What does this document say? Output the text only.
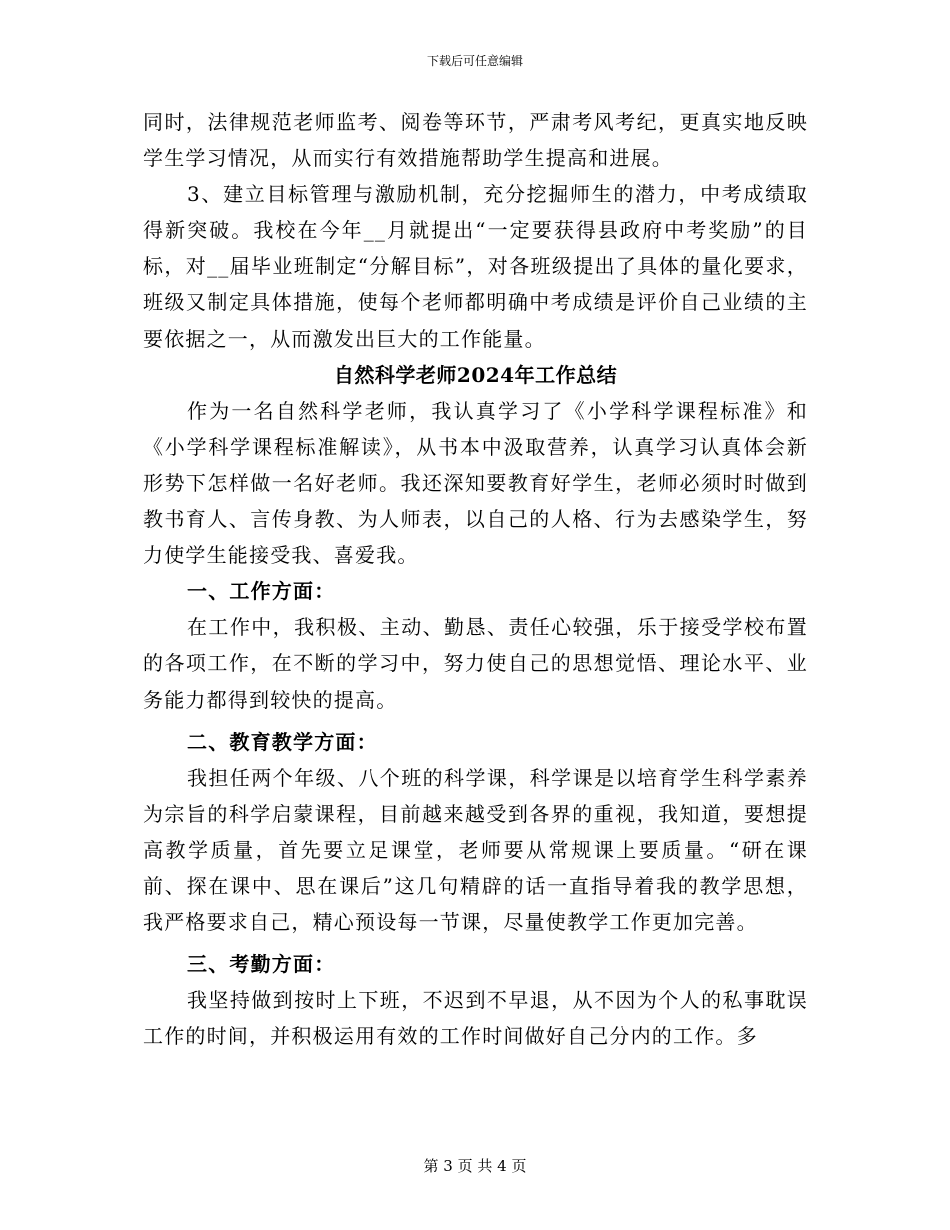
下载后可任意编辑

同时，法律规范老师监考、阅卷等环节，严肃考风考纪，更真实地反映学生学习情况，从而实行有效措施帮助学生提高和进展。

3、建立目标管理与激励机制，充分挖掘师生的潜力，中考成绩取得新突破。我校在今年__月就提出“一定要获得县政府中考奖励”的目标，对__届毕业班制定“分解目标”，对各班级提出了具体的量化要求，班级又制定具体措施，使每个老师都明确中考成绩是评价自己业绩的主要依据之一，从而激发出巨大的工作能量。

自然科学老师2024年工作总结

作为一名自然科学老师，我认真学习了《小学科学课程标准》和《小学科学课程标准解读》，从书本中汲取营养，认真学习认真体会新形势下怎样做一名好老师。我还深知要教育好学生，老师必须时时做到教书育人、言传身教、为人师表，以自己的人格、行为去感染学生，努力使学生能接受我、喜爱我。

一、工作方面：

在工作中，我积极、主动、勤恳、责任心较强，乐于接受学校布置的各项工作，在不断的学习中，努力使自己的思想觉悟、理论水平、业务能力都得到较快的提高。

二、教育教学方面：

我担任两个年级、八个班的科学课，科学课是以培育学生科学素养为宗旨的科学启蒙课程，目前越来越受到各界的重视，我知道，要想提高教学质量，首先要立足课堂，老师要从常规课上要质量。“研在课前、探在课中、思在课后”这几句精辟的话一直指导着我的教学思想，我严格要求自己，精心预设每一节课，尽量使教学工作更加完善。

三、考勤方面：

我坚持做到按时上下班，不迟到不早退，从不因为个人的私事耽误工作的时间，并积极运用有效的工作时间做好自己分内的工作。多

第 3 页 共 4 页
